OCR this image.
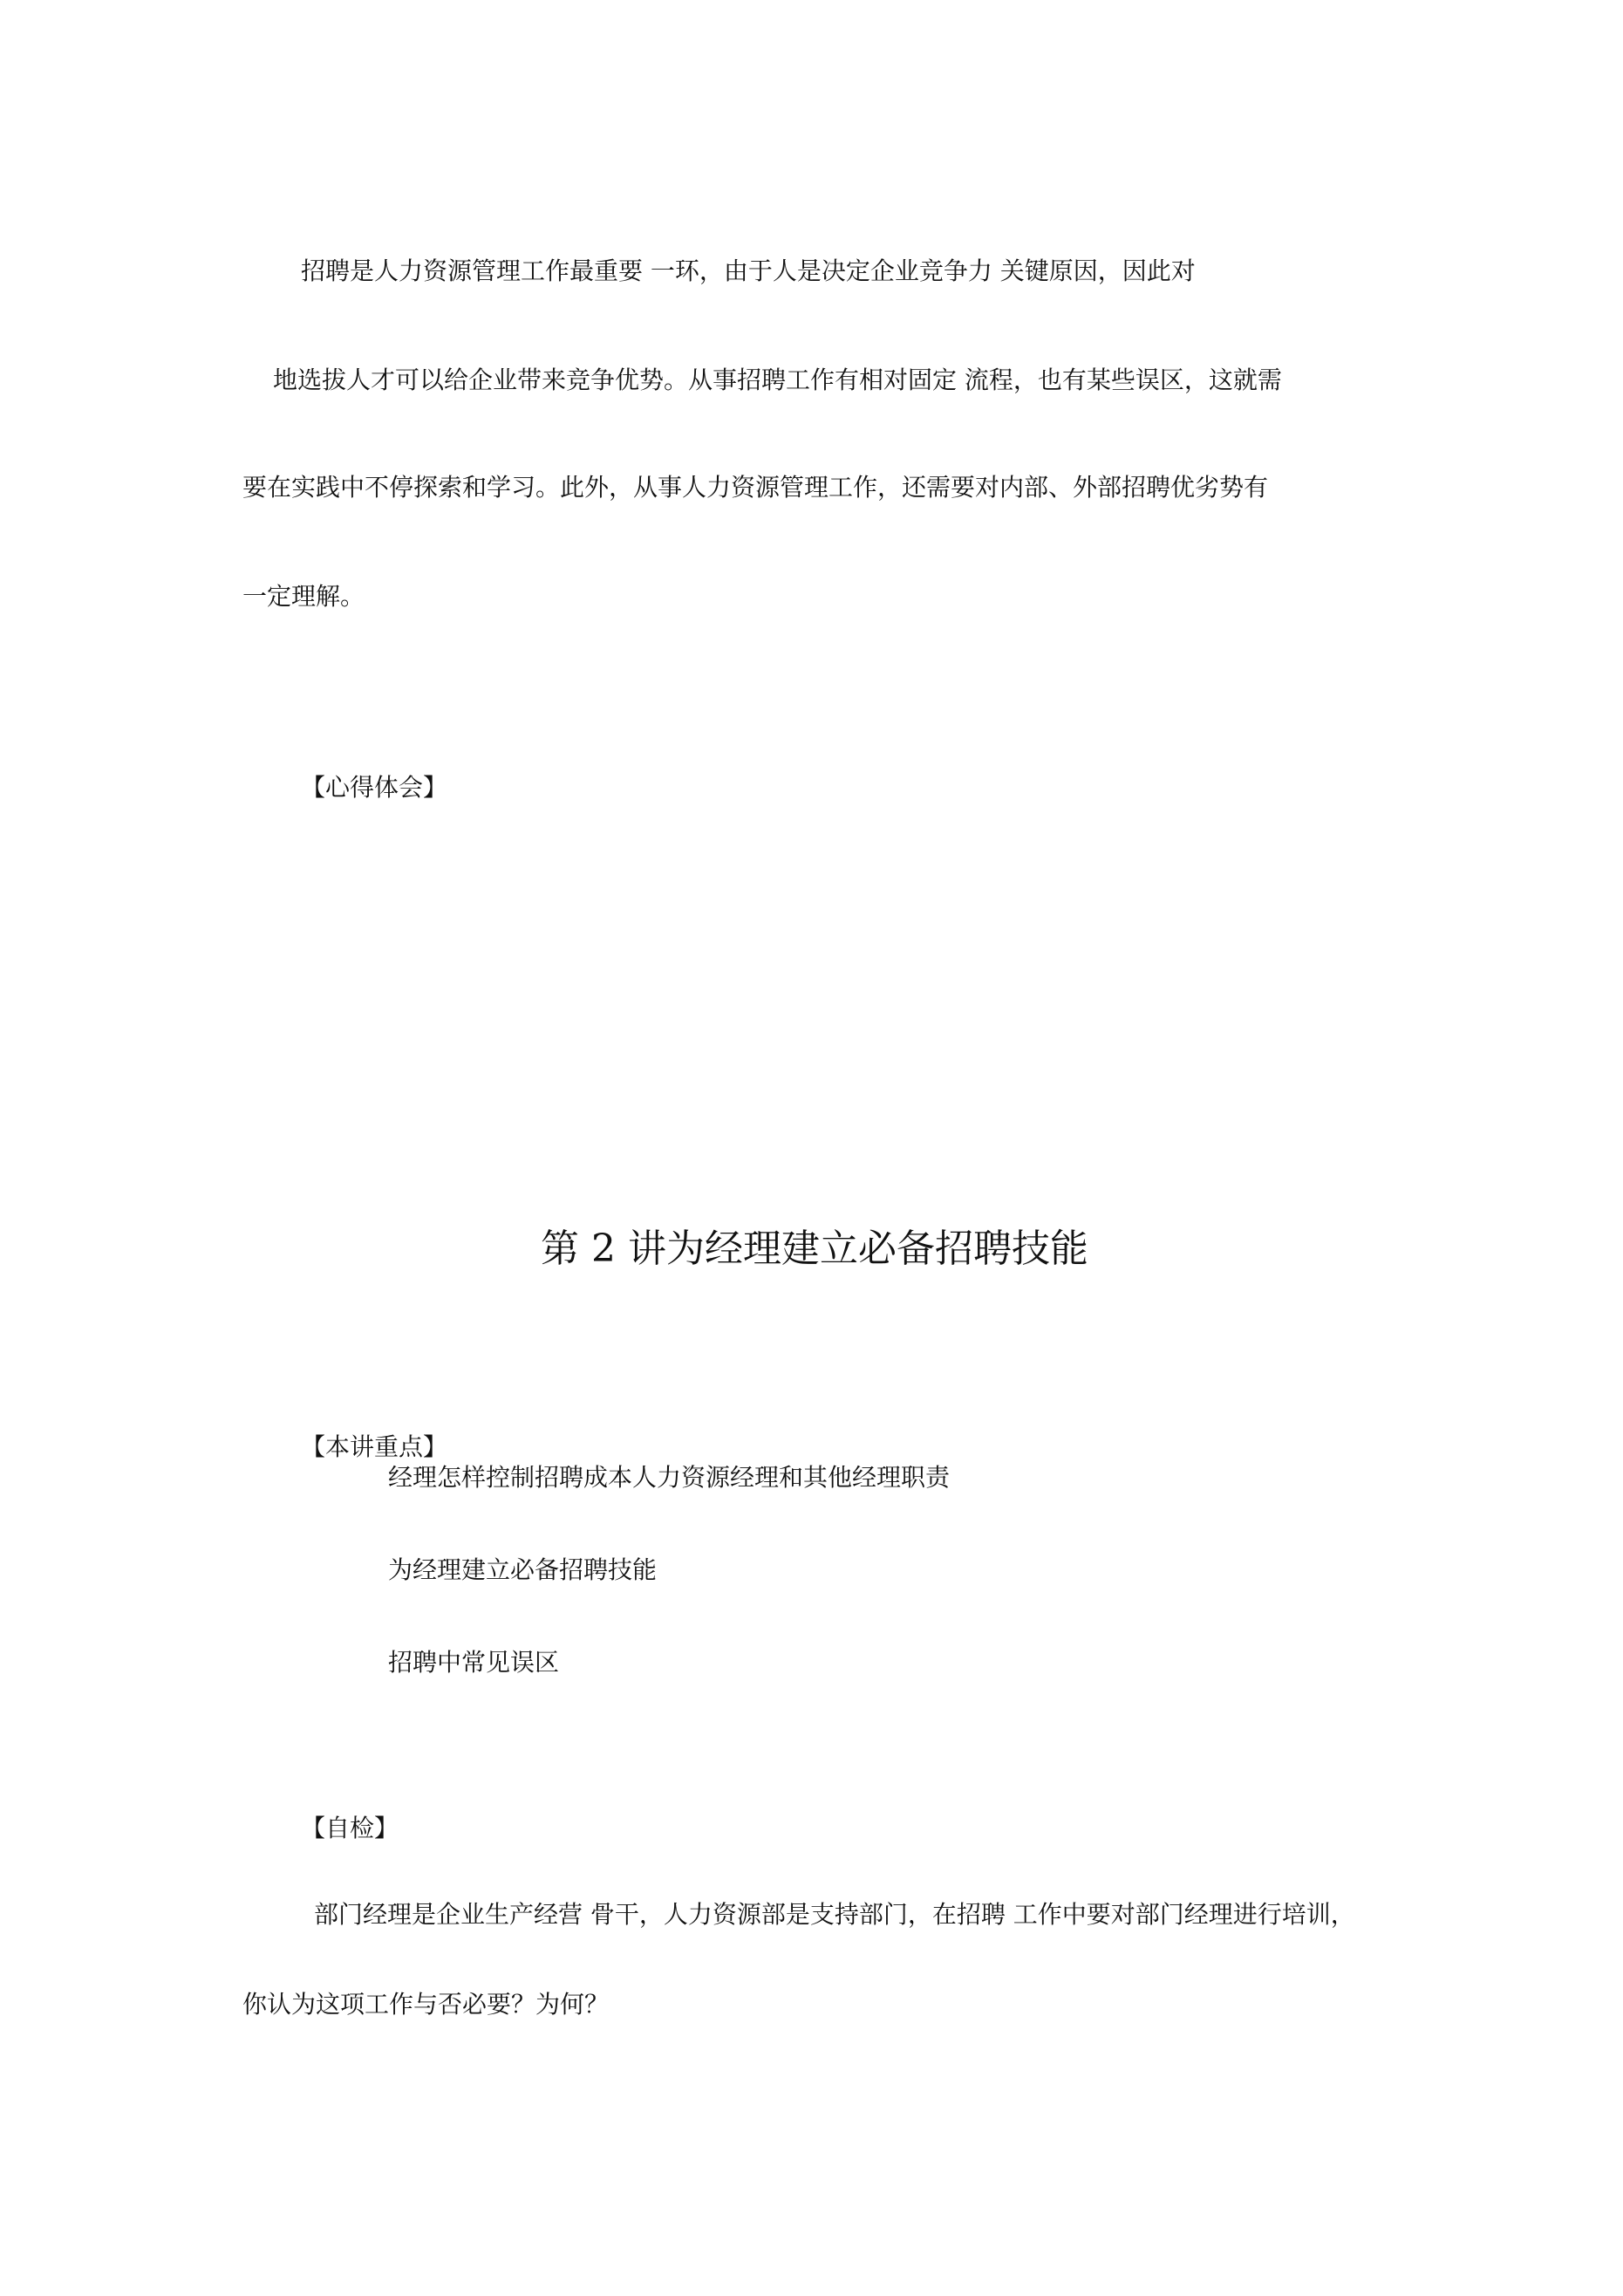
招聘是人力资源管理工作最重要 一环，由于人是决定企业竞争力 关键原因，因此对
地选拔人才可以给企业带来竞争优势。从事招聘工作有相对固定 流程，也有某些误区，这就需
要在实践中不停探索和学习。此外，从事人力资源管理工作，还需要对内部、外部招聘优劣势有
一定理解。
【心得体会】
第 2 讲为经理建立必备招聘技能
【本讲重点】
经理怎样控制招聘成本人力资源经理和其他经理职责
为经理建立必备招聘技能
招聘中常见误区
【自检】
部门经理是企业生产经营 骨干，人力资源部是支持部门，在招聘 工作中要对部门经理进行培训，
你认为这项工作与否必要？为何？
